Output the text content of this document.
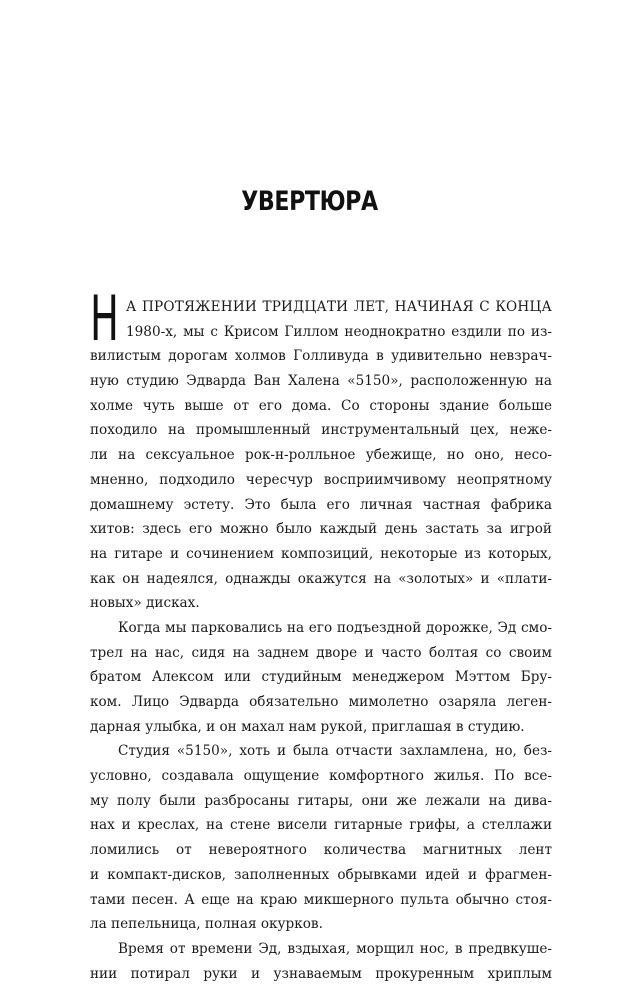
УВЕРТЮРА
Н А ПРОТЯЖЕНИИ ТРИДЦАТИ ЛЕТ, НАЧИНАЯ С КОНЦА
1980-х, мы с Крисом Гиллом неоднократно ездили по из-
вилистым дорогам холмов Голливуда в удивительно невзрач-
ную студию Эдварда Ван Халена «5150», расположенную на
холме чуть выше от его дома. Со стороны здание больше
походило на промышленный инструментальный цех, неже-
ли на сексуальное рок-н-ролльное убежище, но оно, несо-
мненно, подходило чересчур восприимчивому неопрятному
домашнему эстету. Это была его личная частная фабрика
хитов: здесь его можно было каждый день застать за игрой
на гитаре и сочинением композиций, некоторые из которых,
как он надеялся, однажды окажутся на «золотых» и «плати-
новых» дисках.
Когда мы парковались на его подъездной дорожке, Эд смо-
трел на нас, сидя на заднем дворе и часто болтая со своим
братом Алексом или студийным менеджером Мэттом Бру-
ком. Лицо Эдварда обязательно мимолетно озаряла леген-
дарная улыбка, и он махал нам рукой, приглашая в студию.
Студия «5150», хоть и была отчасти захламлена, но, без-
условно, создавала ощущение комфортного жилья. По все-
му полу были разбросаны гитары, они же лежали на дива-
нах и креслах, на стене висели гитарные грифы, а стеллажи
ломились от невероятного количества магнитных лент
и компакт-дисков, заполненных обрывками идей и фрагмен-
тами песен. А еще на краю микшерного пульта обычно стоя-
ла пепельница, полная окурков.
Время от времени Эд, вздыхая, морщил нос, в предвкуше-
нии потирал руки и узнаваемым прокуренным хриплым
